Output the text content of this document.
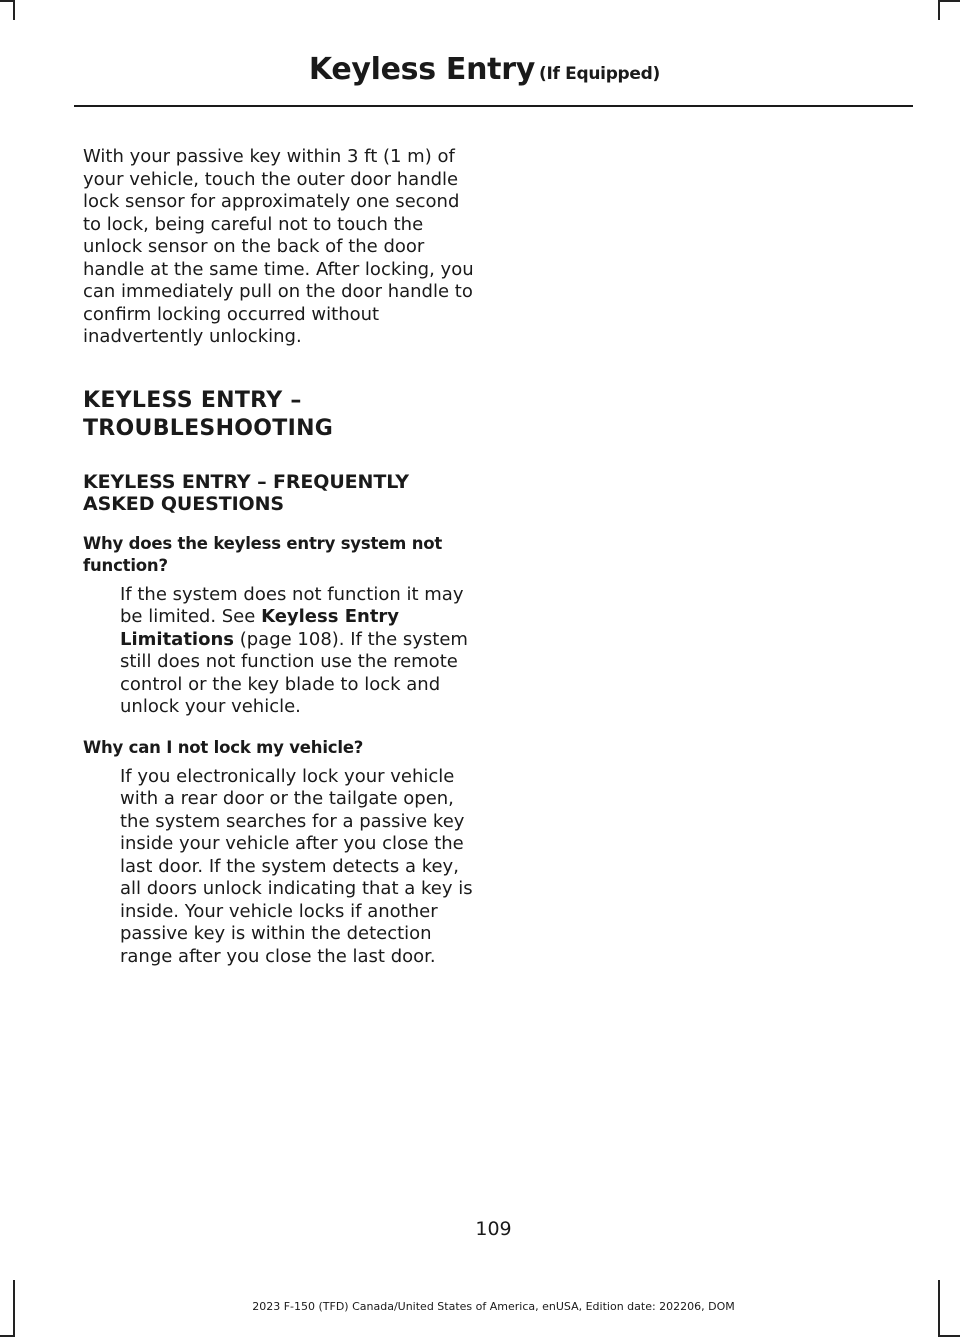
Keyless Entry (If Equipped)

With your passive key within 3 ft (1 m) of your vehicle, touch the outer door handle lock sensor for approximately one second to lock, being careful not to touch the unlock sensor on the back of the door handle at the same time. After locking, you can immediately pull on the door handle to confirm locking occurred without inadvertently unlocking.

KEYLESS ENTRY –
TROUBLESHOOTING
KEYLESS ENTRY – FREQUENTLY ASKED QUESTIONS

Why does the keyless entry system not function?

If the system does not function it may be limited. See Keyless Entry Limitations (page 108). If the system still does not function use the remote control or the key blade to lock and unlock your vehicle.

Why can I not lock my vehicle?

If you electronically lock your vehicle with a rear door or the tailgate open, the system searches for a passive key inside your vehicle after you close the last door. If the system detects a key, all doors unlock indicating that a key is inside. Your vehicle locks if another passive key is within the detection range after you close the last door.

109
2023 F-150 (TFD) Canada/United States of America, enUSA, Edition date: 202206, DOM
